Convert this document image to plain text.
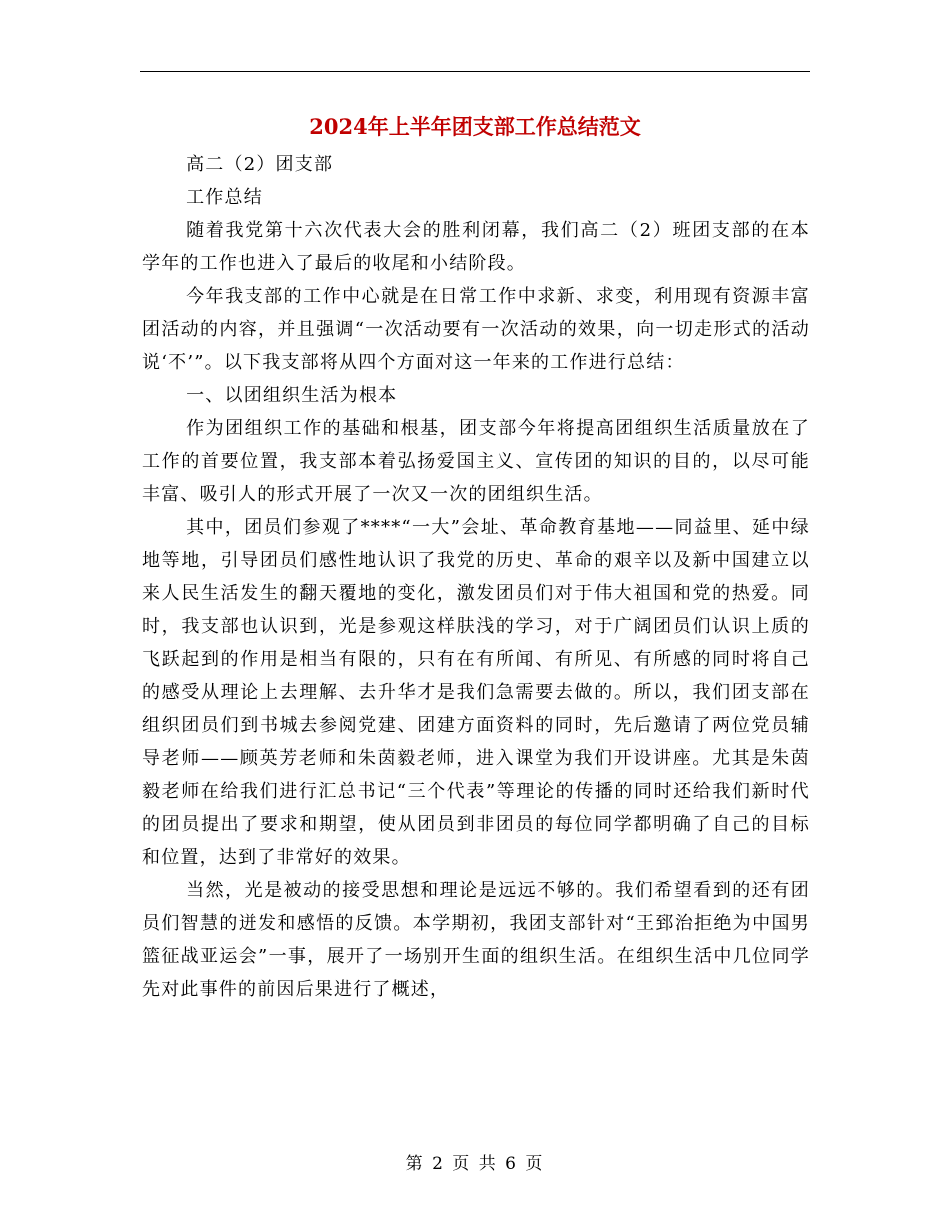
2024年上半年团支部工作总结范文

高二（2）团支部

工作总结

随着我党第十六次代表大会的胜利闭幕，我们高二（2）班团支部的在本学年的工作也进入了最后的收尾和小结阶段。

今年我支部的工作中心就是在日常工作中求新、求变，利用现有资源丰富团活动的内容，并且强调“一次活动要有一次活动的效果，向一切走形式的活动说‘不’”。以下我支部将从四个方面对这一年来的工作进行总结：

一、以团组织生活为根本

作为团组织工作的基础和根基，团支部今年将提高团组织生活质量放在了工作的首要位置，我支部本着弘扬爱国主义、宣传团的知识的目的，以尽可能丰富、吸引人的形式开展了一次又一次的团组织生活。

其中，团员们参观了****“一大”会址、革命教育基地——同益里、延中绿地等地，引导团员们感性地认识了我党的历史、革命的艰辛以及新中国建立以来人民生活发生的翻天覆地的变化，激发团员们对于伟大祖国和党的热爱。同时，我支部也认识到，光是参观这样肤浅的学习，对于广阔团员们认识上质的飞跃起到的作用是相当有限的，只有在有所闻、有所见、有所感的同时将自己的感受从理论上去理解、去升华才是我们急需要去做的。所以，我们团支部在组织团员们到书城去参阅党建、团建方面资料的同时，先后邀请了两位党员辅导老师——顾英芳老师和朱茵毅老师，进入课堂为我们开设讲座。尤其是朱茵毅老师在给我们进行汇总书记“三个代表”等理论的传播的同时还给我们新时代的团员提出了要求和期望，使从团员到非团员的每位同学都明确了自己的目标和位置，达到了非常好的效果。

当然，光是被动的接受思想和理论是远远不够的。我们希望看到的还有团员们智慧的迸发和感悟的反馈。本学期初，我团支部针对“王郅治拒绝为中国男篮征战亚运会”一事，展开了一场别开生面的组织生活。在组织生活中几位同学先对此事件的前因后果进行了概述，

第 2 页 共 6 页
